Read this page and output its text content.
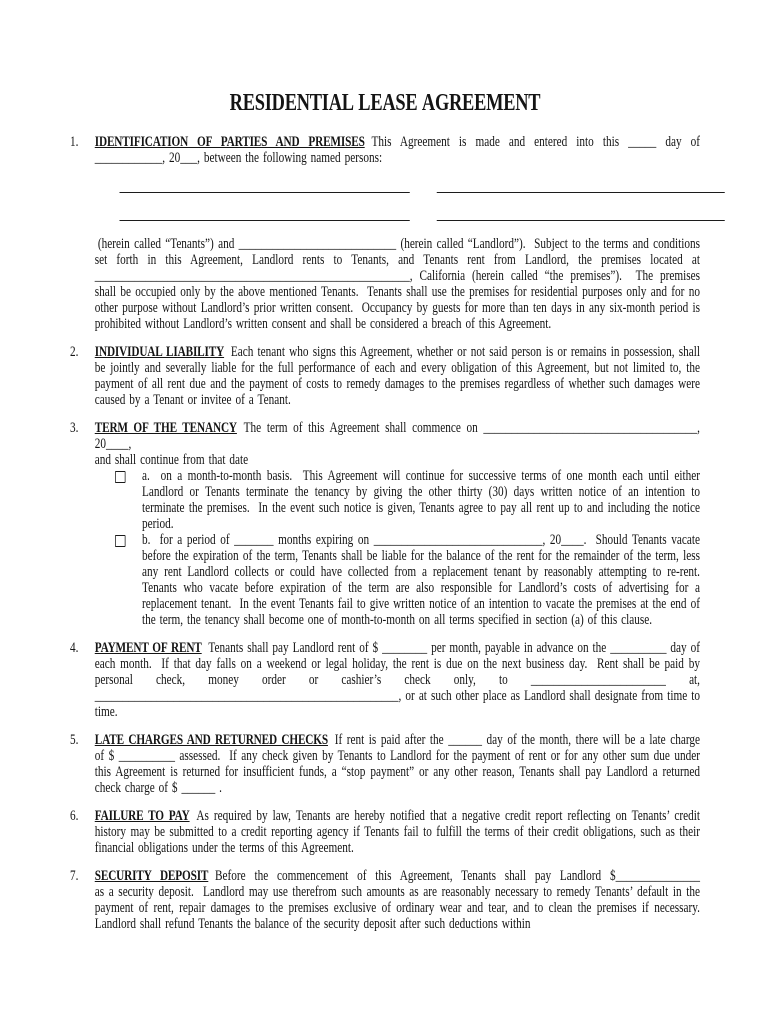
RESIDENTIAL LEASE AGREEMENT
1.	IDENTIFICATION OF PARTIES AND PREMISES This Agreement is made and entered into this _____ day of

____________, 20___, between the following named persons:

(herein called “Tenants”) and ____________________________ (herein called “Landlord”).  Subject to the terms and conditions set forth in this Agreement, Landlord rents to Tenants, and Tenants rent from Landlord, the premises located at ________________________________________________________, California (herein called “the premises”).  The premises shall be occupied only by the above mentioned Tenants.  Tenants shall use the premises for residential purposes only and for no other purpose without Landlord’s prior written consent.  Occupancy by guests for more than ten days in any six-month period is prohibited without Landlord’s written consent and shall be considered a breach of this Agreement.

2.	INDIVIDUAL LIABILITY Each tenant who signs this Agreement, whether or not said person is or remains in possession, shall be jointly and severally liable for the full performance of each and every obligation of this Agreement, but not limited to, the payment of all rent due and the payment of costs to remedy damages to the premises regardless of whether such damages were caused by a Tenant or invitee of a Tenant.

3.	TERM OF THE TENANCY The term of this Agreement shall commence on ______________________________________, 20____,

and shall continue from that date

a.  on a month-to-month basis.  This Agreement will continue for successive terms of one month each until either Landlord or Tenants terminate the tenancy by giving the other thirty (30) days written notice of an intention to terminate the premises.  In the event such notice is given, Tenants agree to pay all rent up to and including the notice period.
b.  for a period of _______ months expiring on ______________________________, 20____.  Should Tenants vacate before the expiration of the term, Tenants shall be liable for the balance of the rent for the remainder of the term, less any rent Landlord collects or could have collected from a replacement tenant by reasonably attempting to re-rent.  Tenants who vacate before expiration of the term are also responsible for Landlord’s costs of advertising for a replacement tenant.  In the event Tenants fail to give written notice of an intention to vacate the premises at the end of the term, the tenancy shall become one of month-to-month on all terms specified in section (a) of this clause.
4.	PAYMENT OF RENT Tenants shall pay Landlord rent of $ ________ per month, payable in advance on the __________ day of each month.  If that day falls on a weekend or legal holiday, the rent is due on the next business day.  Rent shall be paid by personal check, money order or cashier’s check only, to ________________________ at, ______________________________________________________, or at such other place as Landlord shall designate from time to time.

5.	LATE CHARGES AND RETURNED CHECKS If rent is paid after the ______ day of the month, there will be a late charge of $ __________ assessed.  If any check given by Tenants to Landlord for the payment of rent or for any other sum due under this Agreement is returned for insufficient funds, a “stop payment” or any other reason, Tenants shall pay Landlord a returned check charge of $ ______ .

6.	FAILURE TO PAY As required by law, Tenants are hereby notified that a negative credit report reflecting on Tenants’ credit history may be submitted to a credit reporting agency if Tenants fail to fulfill the terms of their credit obligations, such as their financial obligations under the terms of this Agreement.

7.	SECURITY DEPOSIT Before the commencement of this Agreement, Tenants shall pay Landlord $_______________

as a security deposit.  Landlord may use therefrom such amounts as are reasonably necessary to remedy Tenants’ default in the payment of rent, repair damages to the premises exclusive of ordinary wear and tear, and to clean the premises if necessary.  Landlord shall refund Tenants the balance of the security deposit after such deductions within
